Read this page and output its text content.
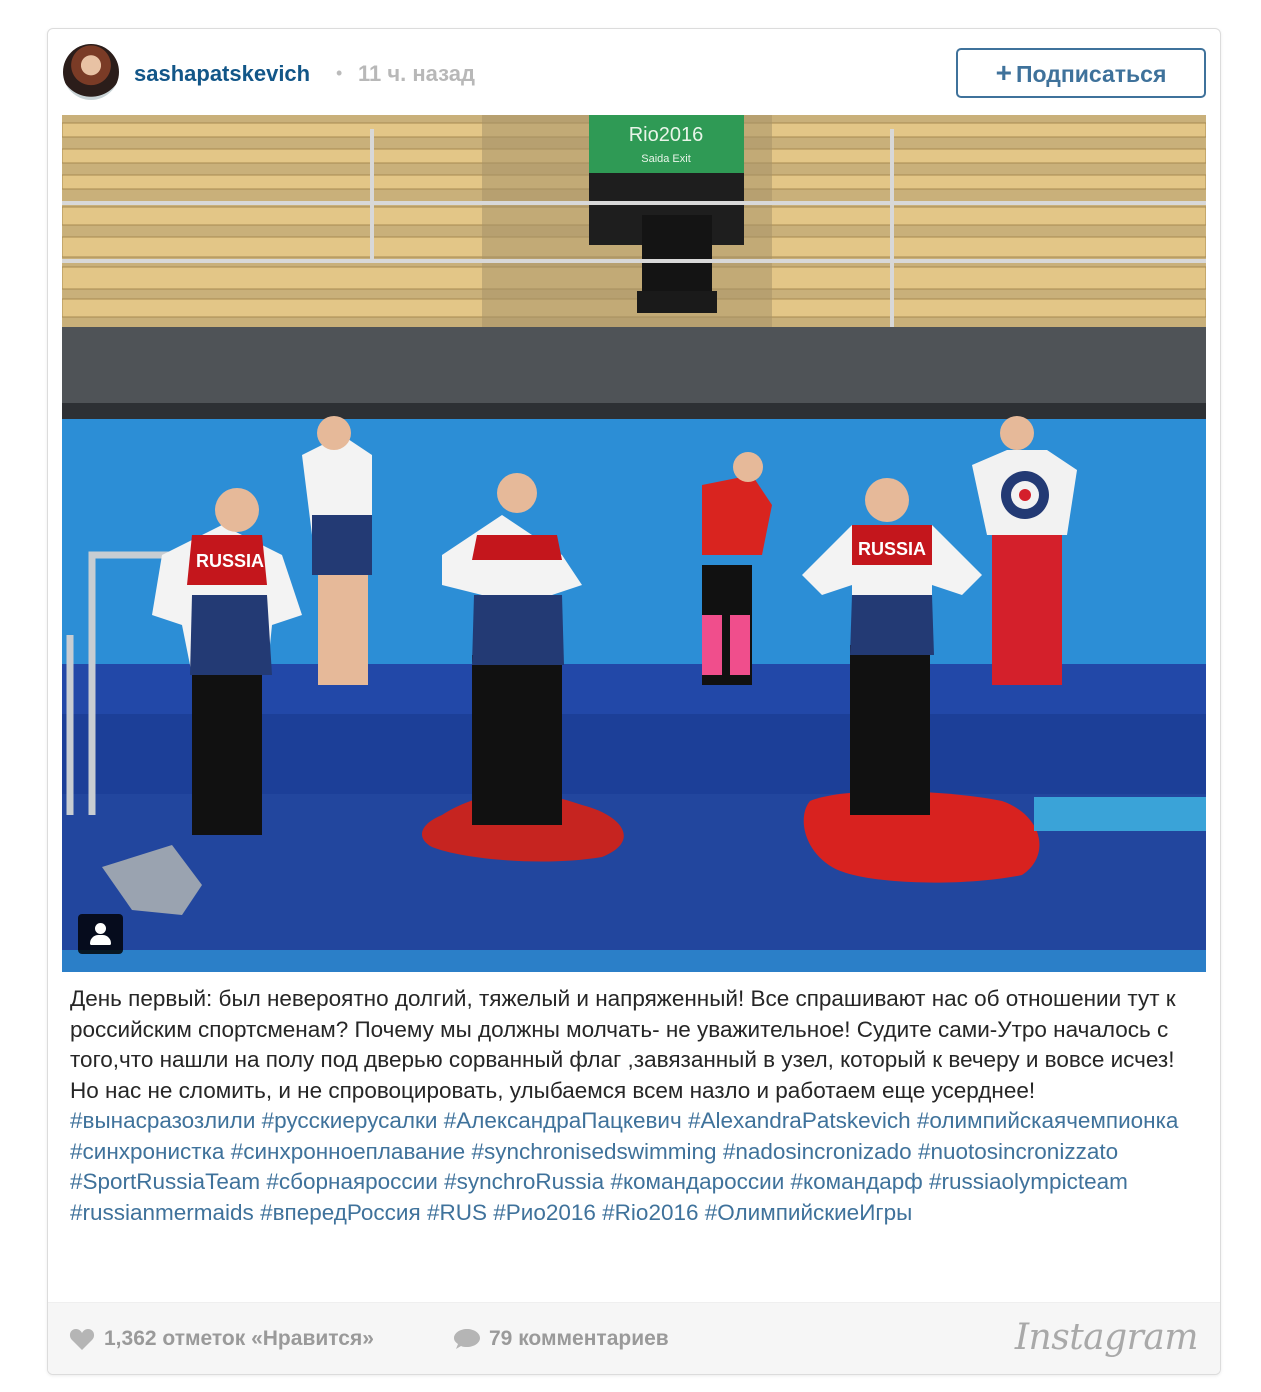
sashapatskevich • 11 ч. назад	+ Подписаться
Rio2016
Saida Exit
RUSSIA
RUSSIA
День первый: был невероятно долгий, тяжелый и напряженный! Все спрашивают нас об отношении тут к российским спортсменам? Почему мы должны молчать- не уважительное! Судите сами-Утро началось с того,что нашли на полу под дверью сорванный флаг ,завязанный в узел, который к вечеру и вовсе исчез! Но нас не сломить, и не спровоцировать, улыбаемся всем назло и работаем еще усерднее! #вынасразозлили #русскиерусалки #АлександраПацкевич #AlexandraPatskevich #олимпийскаячемпионка #синхронистка #синхронноеплавание #synchronisedswimming #nadosincronizado #nuotosincronizzato #SportRussiaTeam #сборнаяроссии #synchroRussia #командароссии #командарф #russiaolympicteam #russianmermaids #впередРоссия #RUS #Рио2016 #Rio2016 #ОлимпийскиеИгры
1,362 отметок «Нравится»	79 комментариев	Instagram
